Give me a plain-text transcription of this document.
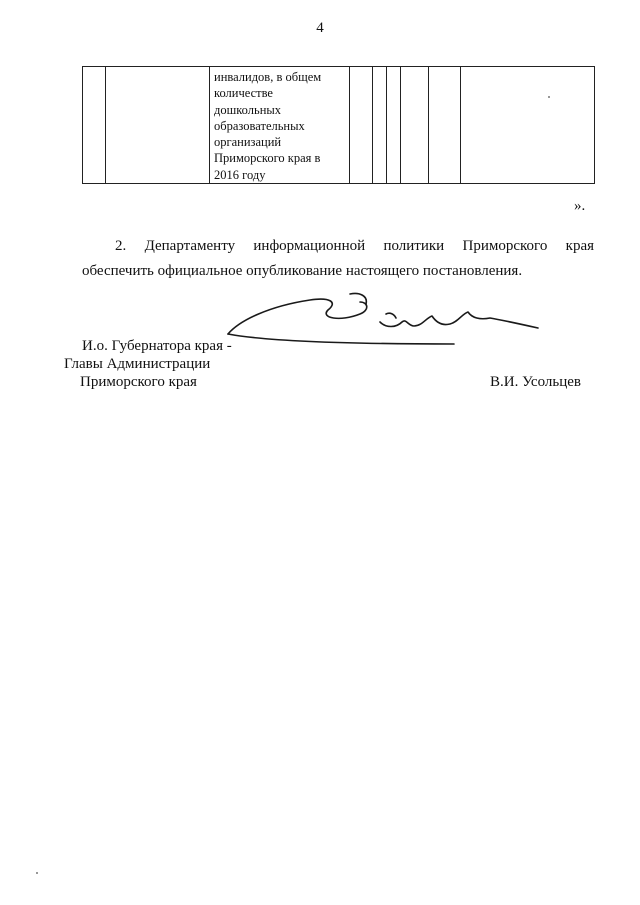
4

инвалидов, в общем
количестве
дошкольных
образовательных
организаций
Приморского края в
2016 году

».
2. Департаменту информационной политики Приморского края
обеспечить официальное опубликование настоящего постановления.
И.о. Губернатора края -
Главы Администрации
Приморского края	В.И. Усольцев
